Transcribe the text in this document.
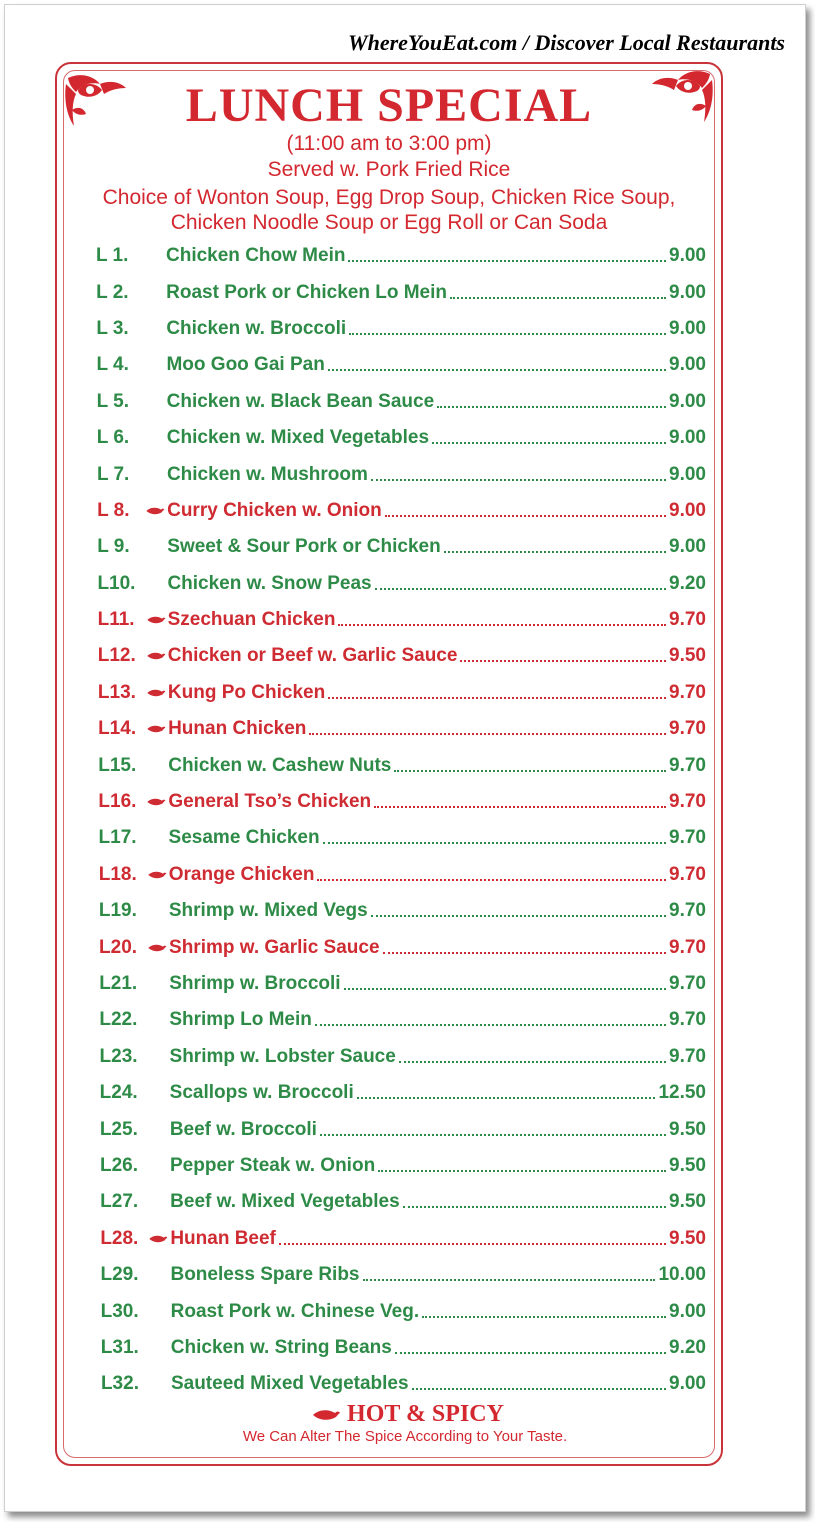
WhereYouEat.com / Discover Local Restaurants
LUNCH SPECIAL
(11:00 am to 3:00 pm)
Served w. Pork Fried Rice
Choice of Wonton Soup, Egg Drop Soup, Chicken Rice Soup,
Chicken Noodle Soup or Egg Roll or Can Soda
L 1.	Chicken Chow Mein	9.00
L 2.	Roast Pork or Chicken Lo Mein	9.00
L 3.	Chicken w. Broccoli	9.00
L 4.	Moo Goo Gai Pan	9.00
L 5.	Chicken w. Black Bean Sauce	9.00
L 6.	Chicken w. Mixed Vegetables	9.00
L 7.	Chicken w. Mushroom	9.00
L 8.	Curry Chicken w. Onion	9.00
L 9.	Sweet & Sour Pork or Chicken	9.00
L10.	Chicken w. Snow Peas	9.20
L11.	Szechuan Chicken	9.70
L12.	Chicken or Beef w. Garlic Sauce	9.50
L13.	Kung Po Chicken	9.70
L14.	Hunan Chicken	9.70
L15.	Chicken w. Cashew Nuts	9.70
L16.	General Tso’s Chicken	9.70
L17.	Sesame Chicken	9.70
L18.	Orange Chicken	9.70
L19.	Shrimp w. Mixed Vegs	9.70
L20.	Shrimp w. Garlic Sauce	9.70
L21.	Shrimp w. Broccoli	9.70
L22.	Shrimp Lo Mein	9.70
L23.	Shrimp w. Lobster Sauce	9.70
L24.	Scallops w. Broccoli	12.50
L25.	Beef w. Broccoli	9.50
L26.	Pepper Steak w. Onion	9.50
L27.	Beef w. Mixed Vegetables	9.50
L28.	Hunan Beef	9.50
L29.	Boneless Spare Ribs	10.00
L30.	Roast Pork w. Chinese Veg.	9.00
L31.	Chicken w. String Beans	9.20
L32.	Sauteed Mixed Vegetables	9.00
HOT & SPICY
We Can Alter The Spice According to Your Taste.
